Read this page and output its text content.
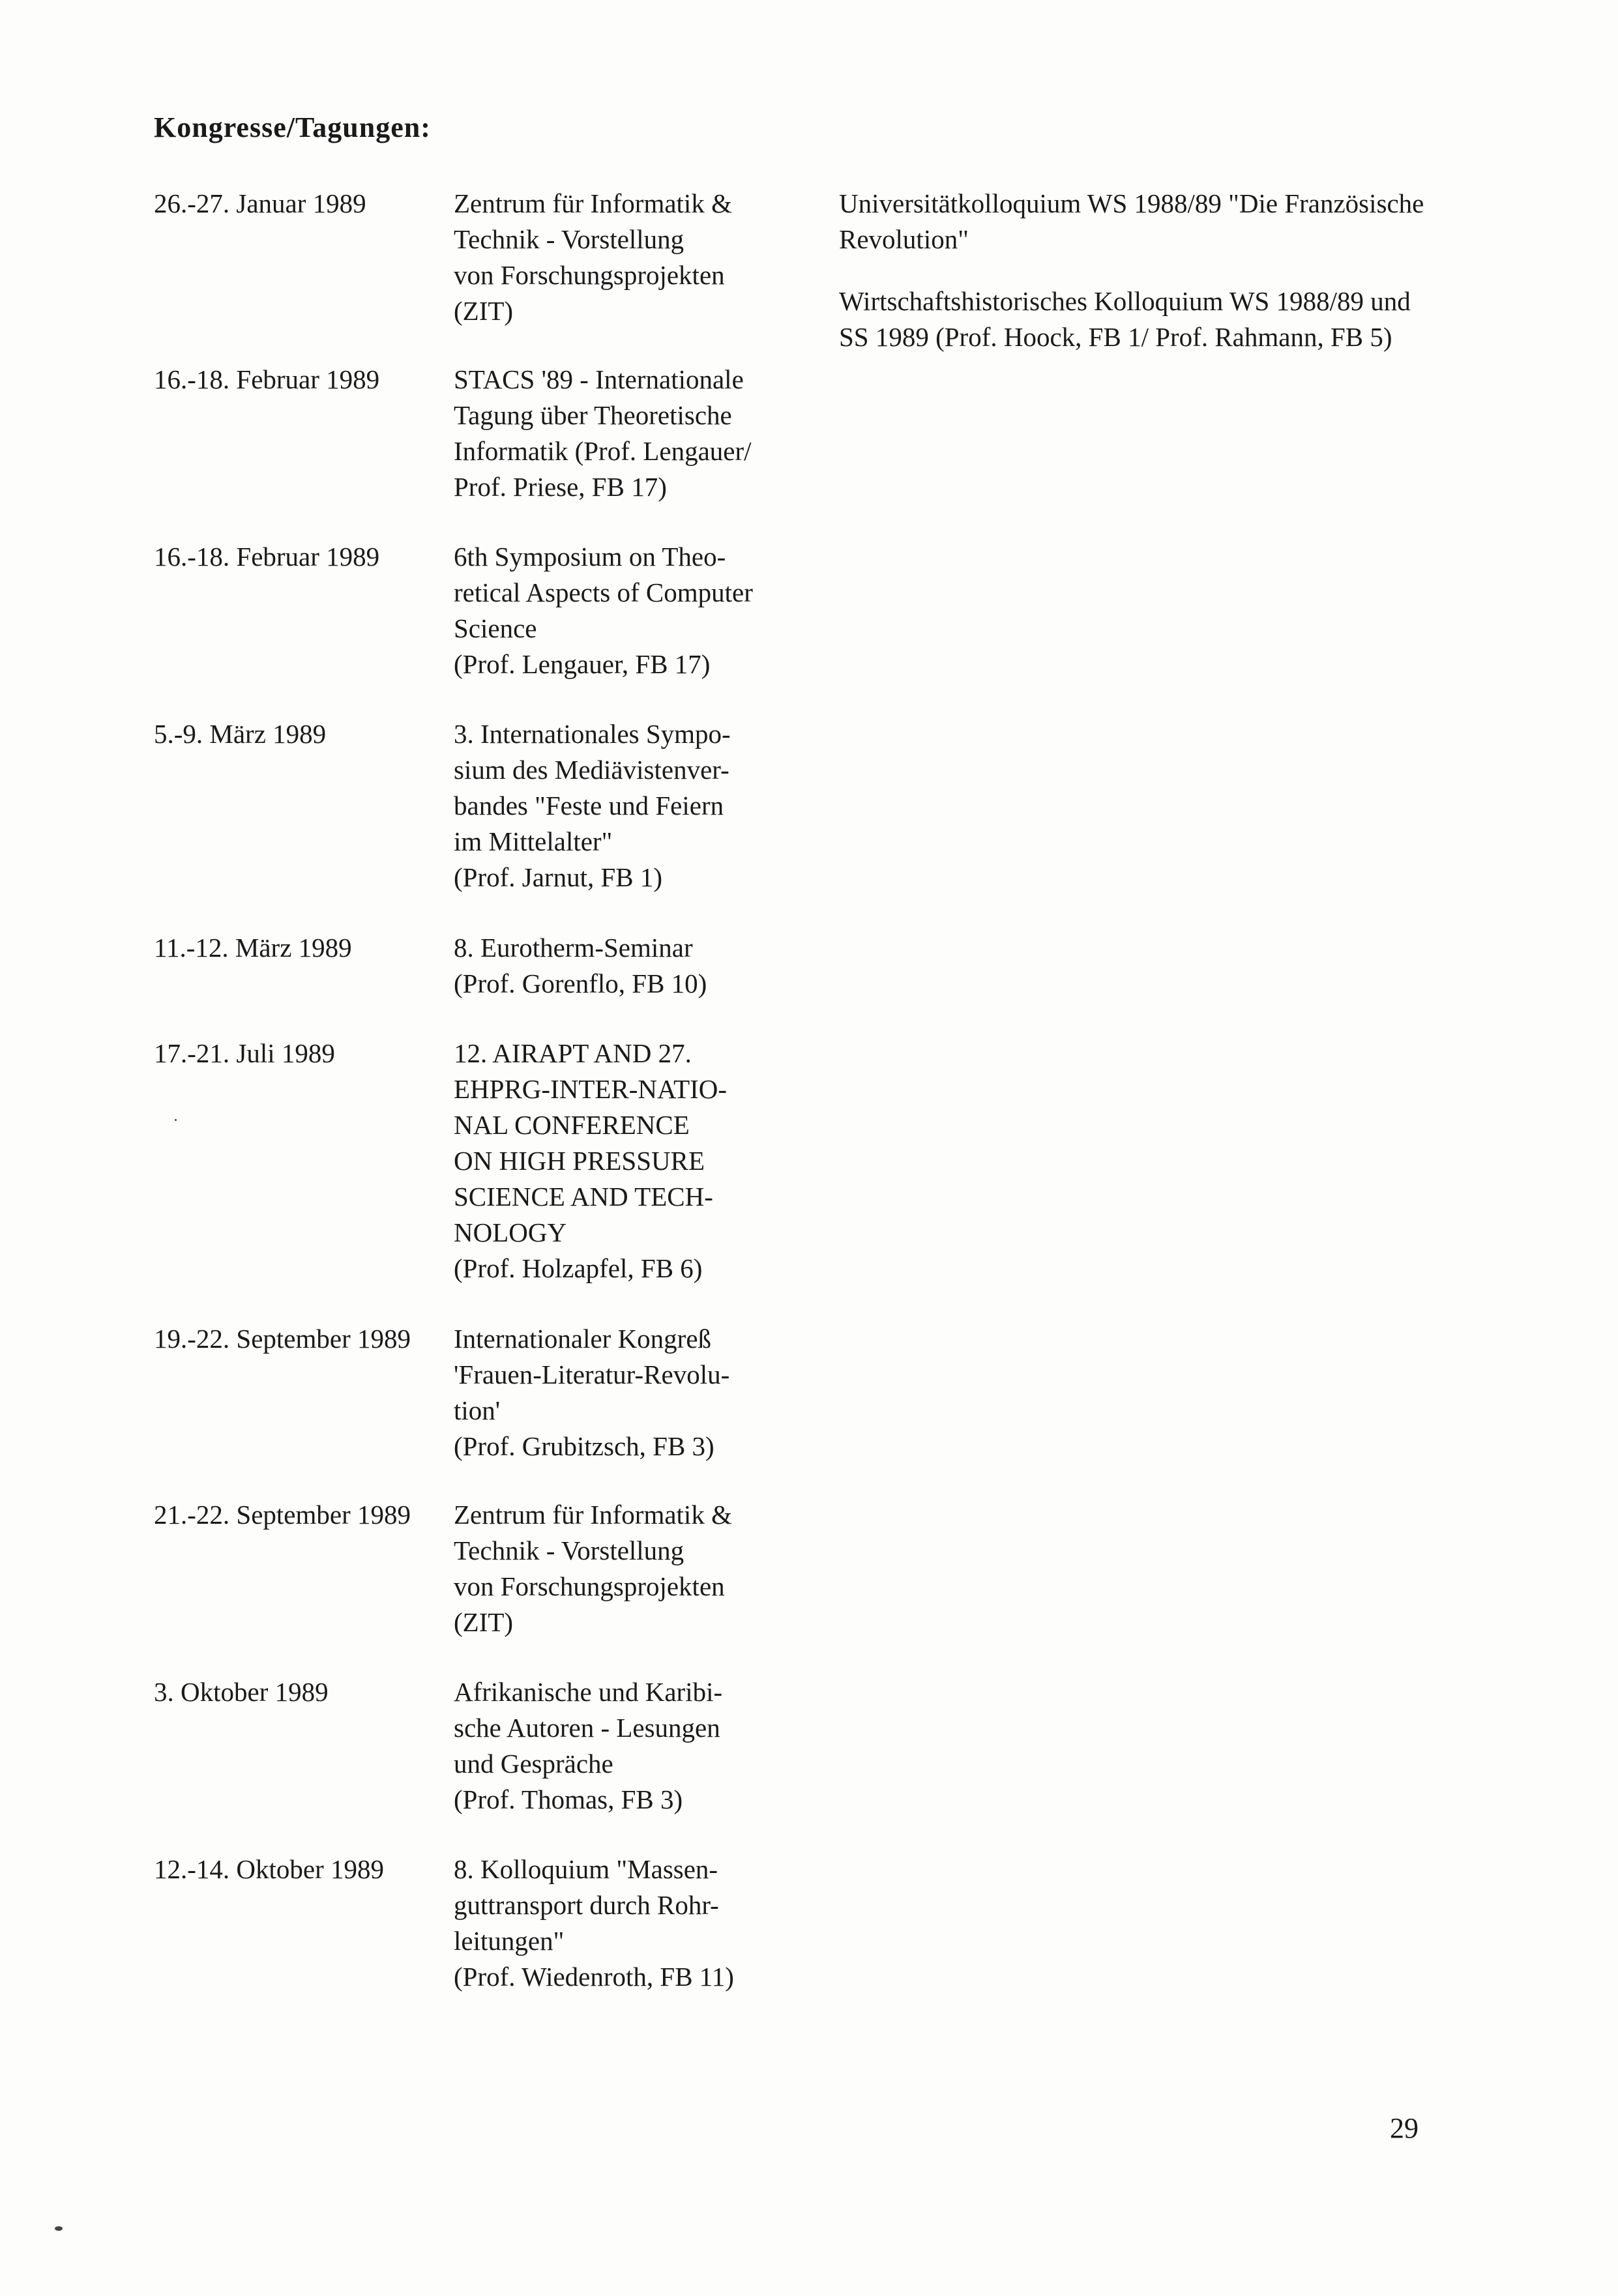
Kongresse/Tagungen:
26.-27. Januar 1989	Zentrum für Informatik &
Technik - Vorstellung
von Forschungsprojekten
(ZIT)
16.-18. Februar 1989	STACS '89 - Internationale
Tagung über Theoretische
Informatik (Prof. Lengauer/
Prof. Priese, FB 17)
16.-18. Februar 1989	6th Symposium on Theo-
retical Aspects of Computer
Science
(Prof. Lengauer, FB 17)
5.-9. März 1989	3. Internationales Sympo-
sium des Mediävistenver-
bandes "Feste und Feiern
im Mittelalter"
(Prof. Jarnut, FB 1)
11.-12. März 1989	8. Eurotherm-Seminar
(Prof. Gorenflo, FB 10)
17.-21. Juli 1989	12. AIRAPT AND 27.
EHPRG-INTER-NATIO-
NAL CONFERENCE
ON HIGH PRESSURE
SCIENCE AND TECH-
NOLOGY
(Prof. Holzapfel, FB 6)
19.-22. September 1989	Internationaler Kongreß
'Frauen-Literatur-Revolu-
tion'
(Prof. Grubitzsch, FB 3)
21.-22. September 1989	Zentrum für Informatik &
Technik - Vorstellung
von Forschungsprojekten
(ZIT)
3. Oktober 1989	Afrikanische und Karibi-
sche Autoren - Lesungen
und Gespräche
(Prof. Thomas, FB 3)
12.-14. Oktober 1989	8. Kolloquium "Massen-
guttransport durch Rohr-
leitungen"
(Prof. Wiedenroth, FB 11)
Universitätkolloquium WS 1988/89 "Die Französische
Revolution"
Wirtschaftshistorisches Kolloquium WS 1988/89 und
SS 1989 (Prof. Hoock, FB 1/ Prof. Rahmann, FB 5)
29
